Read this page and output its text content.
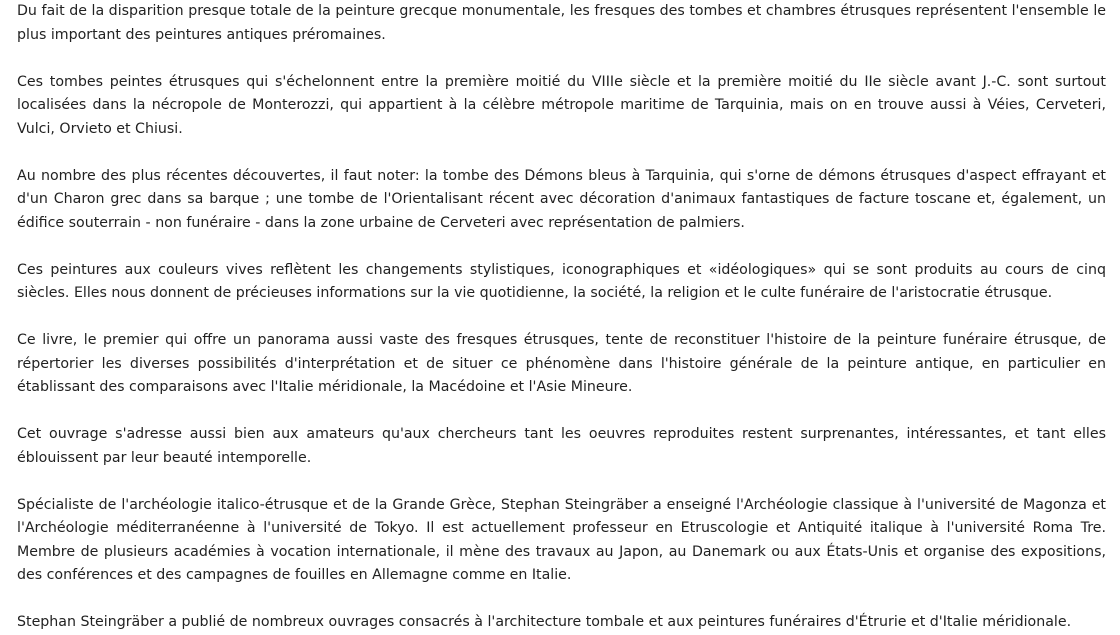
Du fait de la disparition presque totale de la peinture grecque monumentale, les fresques des tombes et chambres étrusques représentent l'ensemble le plus important des peintures antiques préromaines.

Ces tombes peintes étrusques qui s'échelonnent entre la première moitié du VIIIe siècle et la première moitié du IIe siècle avant J.-C. sont surtout localisées dans la nécropole de Monterozzi, qui appartient à la célèbre métropole maritime de Tarquinia, mais on en trouve aussi à Véies, Cerveteri, Vulci, Orvieto et Chiusi.

Au nombre des plus récentes découvertes, il faut noter: la tombe des Démons bleus à Tarquinia, qui s'orne de démons étrusques d'aspect effrayant et d'un Charon grec dans sa barque ; une tombe de l'Orientalisant récent avec décoration d'animaux fantastiques de facture toscane et, également, un édifice souterrain - non funéraire - dans la zone urbaine de Cerveteri avec représentation de palmiers.

Ces peintures aux couleurs vives reflètent les changements stylistiques, iconographiques et «idéologiques» qui se sont produits au cours de cinq siècles. Elles nous donnent de précieuses informations sur la vie quotidienne, la société, la religion et le culte funéraire de l'aristocratie étrusque.

Ce livre, le premier qui offre un panorama aussi vaste des fresques étrusques, tente de reconstituer l'histoire de la peinture funéraire étrusque, de répertorier les diverses possibilités d'interprétation et de situer ce phénomène dans l'histoire générale de la peinture antique, en particulier en établissant des comparaisons avec l'Italie méridionale, la Macédoine et l'Asie Mineure.

Cet ouvrage s'adresse aussi bien aux amateurs qu'aux chercheurs tant les oeuvres reproduites restent surprenantes, intéressantes, et tant elles éblouissent par leur beauté intemporelle.

Spécialiste de l'archéologie italico-étrusque et de la Grande Grèce, Stephan Steingräber a enseigné l'Archéologie classique à l'université de Magonza et l'Archéologie méditerranéenne à l'université de Tokyo. Il est actuellement professeur en Etruscologie et Antiquité italique à l'université Roma Tre. Membre de plusieurs académies à vocation internationale, il mène des travaux au Japon, au Danemark ou aux États-Unis et organise des expositions, des conférences et des campagnes de fouilles en Allemagne comme en Italie.

Stephan Steingräber a publié de nombreux ouvrages consacrés à l'architecture tombale et aux peintures funéraires d'Étrurie et d'Italie méridionale.
